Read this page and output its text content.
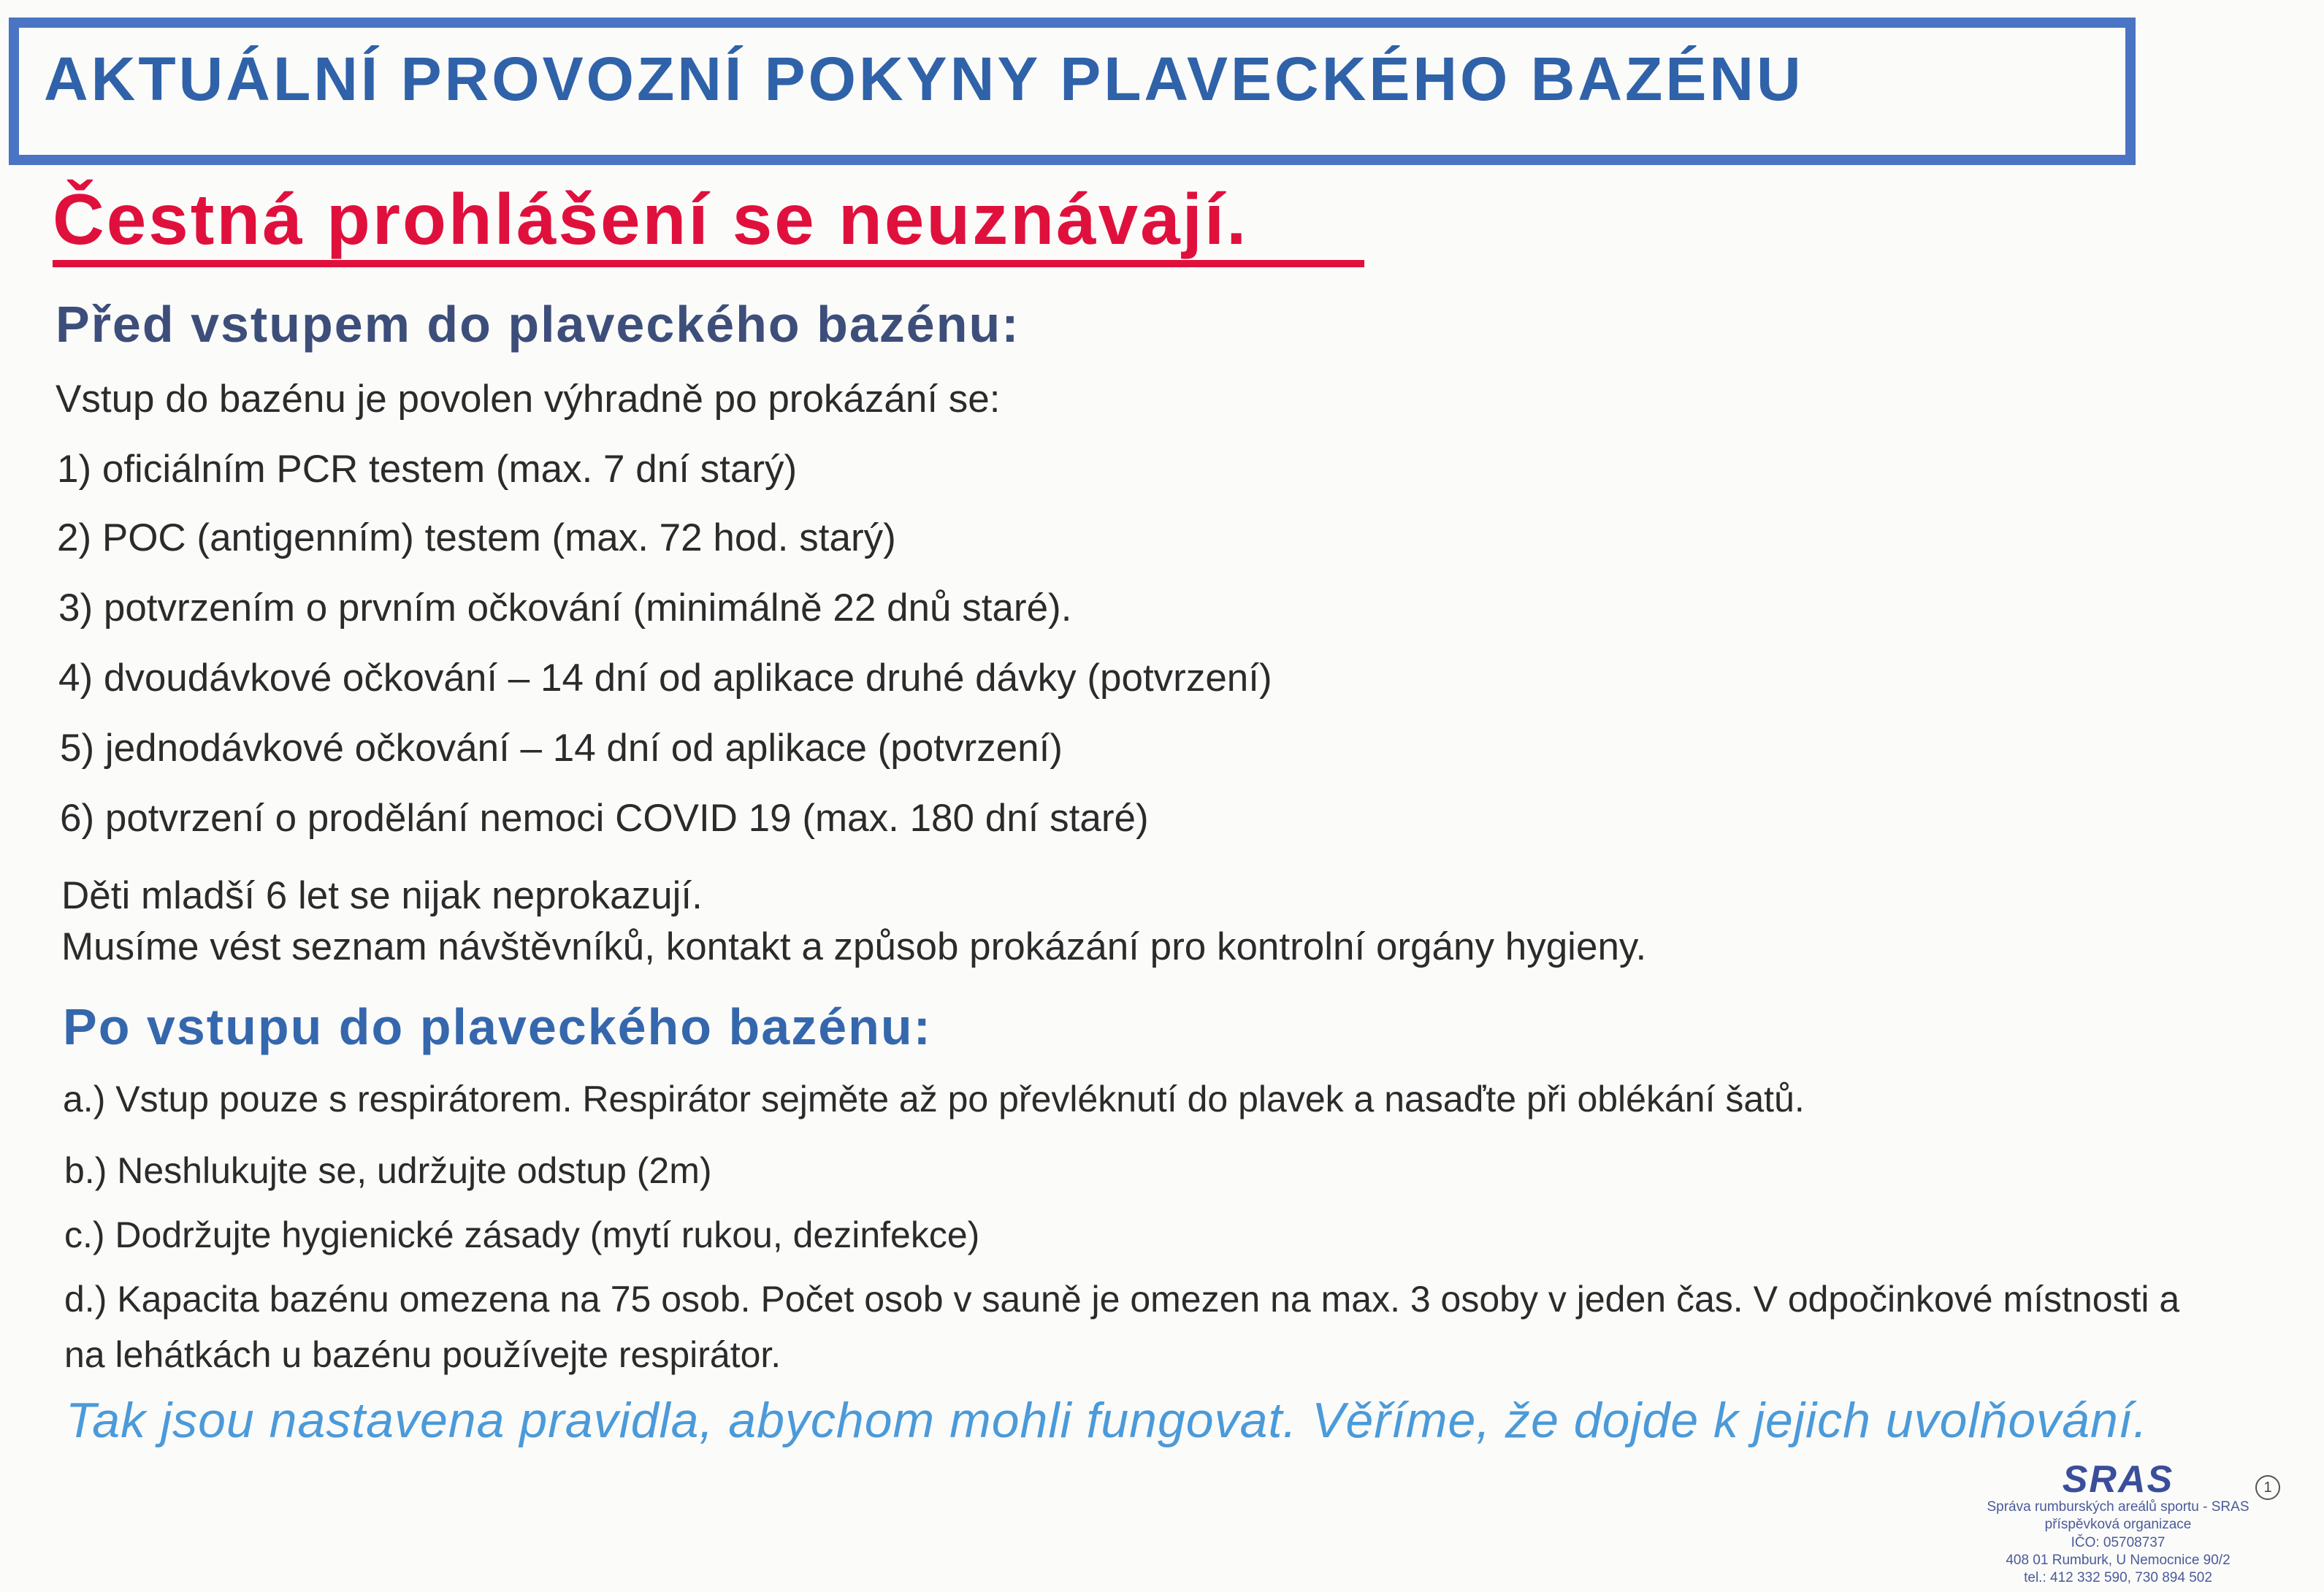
AKTUÁLNÍ PROVOZNÍ POKYNY PLAVECKÉHO BAZÉNU
Čestná prohlášení se neuznávají.
Před vstupem do plaveckého bazénu:

Vstup do bazénu je povolen výhradně po prokázání se:

1) oficiálním PCR testem (max. 7 dní starý)

2) POC (antigenním) testem (max. 72 hod. starý)

3) potvrzením o prvním očkování (minimálně 22 dnů staré).

4) dvoudávkové očkování – 14 dní od aplikace druhé dávky (potvrzení)

5) jednodávkové očkování – 14 dní od aplikace (potvrzení)

6) potvrzení o prodělání nemoci COVID 19 (max. 180 dní staré)

Děti mladší 6 let se nijak neprokazují.

Musíme vést seznam návštěvníků, kontakt a způsob prokázání pro kontrolní orgány hygieny.

Po vstupu do plaveckého bazénu:

a.) Vstup pouze s respirátorem. Respirátor sejměte až po převléknutí do plavek a nasaďte při oblékání šatů.

b.) Neshlukujte se, udržujte odstup (2m)

c.) Dodržujte hygienické zásady (mytí rukou, dezinfekce)

d.) Kapacita bazénu omezena na 75 osob. Počet osob v sauně je omezen na max. 3 osoby v jeden čas. V odpočinkové místnosti a

na lehátkách u bazénu používejte respirátor.

Tak jsou nastavena pravidla, abychom mohli fungovat. Věříme, že dojde k jejich uvolňování.

SRAS
Správa rumburských areálů sportu - SRAS
příspěvková organizace
IČO: 05708737
408 01 Rumburk, U Nemocnice 90/2
tel.: 412 332 590, 730 894 502
1
